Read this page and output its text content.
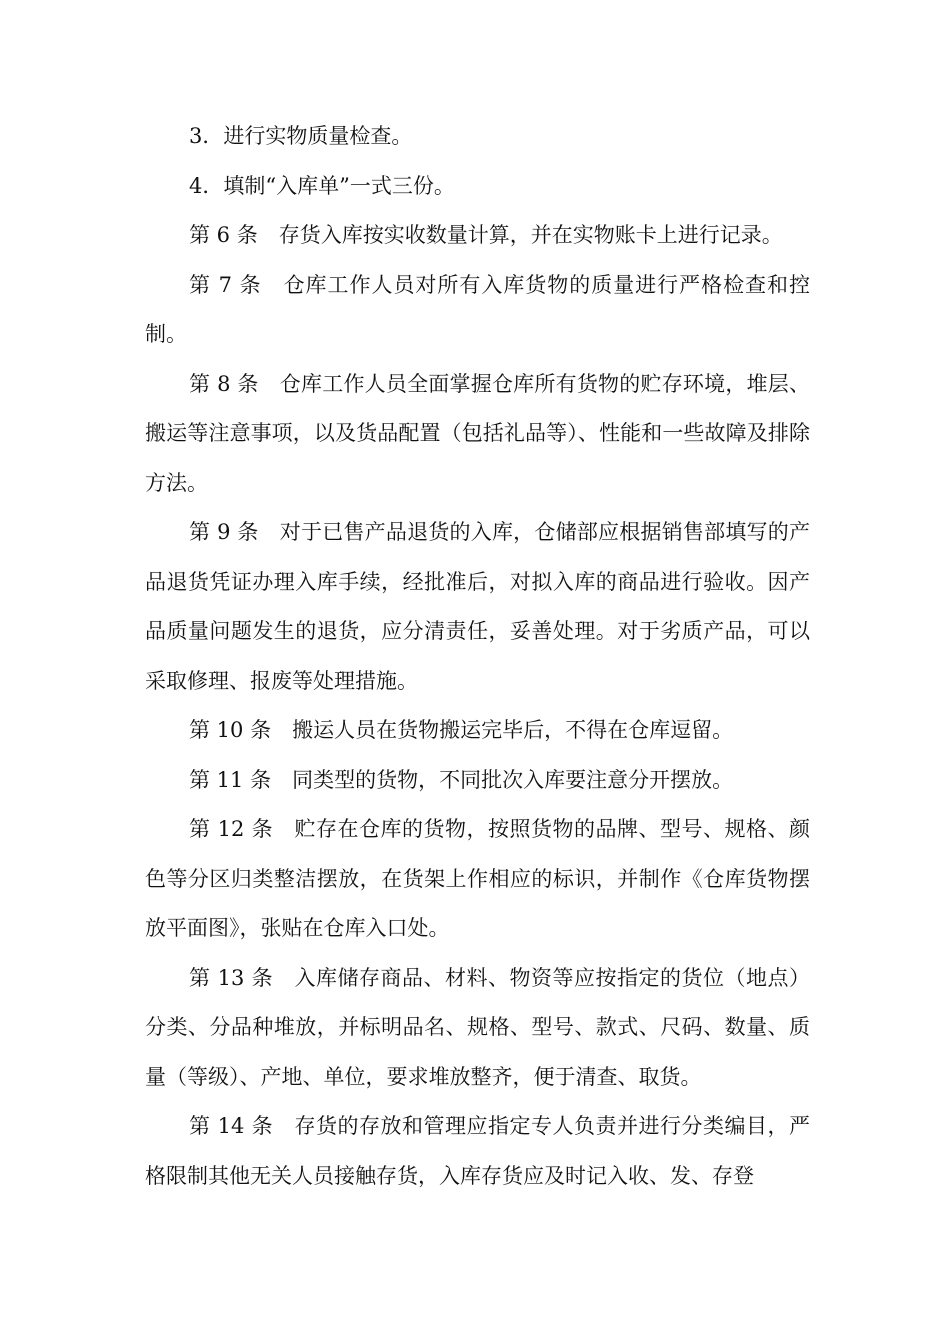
3．进行实物质量检查。

4．填制“入库单”一式三份。

第 6 条　存货入库按实收数量计算，并在实物账卡上进行记录。

第 7 条　仓库工作人员对所有入库货物的质量进行严格检查和控制。

第 8 条　仓库工作人员全面掌握仓库所有货物的贮存环境，堆层、搬运等注意事项，以及货品配置（包括礼品等）、性能和一些故障及排除方法。

第 9 条　对于已售产品退货的入库，仓储部应根据销售部填写的产品退货凭证办理入库手续，经批准后，对拟入库的商品进行验收。因产品质量问题发生的退货，应分清责任，妥善处理。对于劣质产品，可以采取修理、报废等处理措施。

第 10 条　搬运人员在货物搬运完毕后，不得在仓库逗留。

第 11 条　同类型的货物，不同批次入库要注意分开摆放。

第 12 条　贮存在仓库的货物，按照货物的品牌、型号、规格、颜色等分区归类整洁摆放，在货架上作相应的标识，并制作《仓库货物摆放平面图》，张贴在仓库入口处。

第 13 条　入库储存商品、材料、物资等应按指定的货位（地点）分类、分品种堆放，并标明品名、规格、型号、款式、尺码、数量、质量（等级）、产地、单位，要求堆放整齐，便于清查、取货。

第 14 条　存货的存放和管理应指定专人负责并进行分类编目，严格限制其他无关人员接触存货，入库存货应及时记入收、发、存登
